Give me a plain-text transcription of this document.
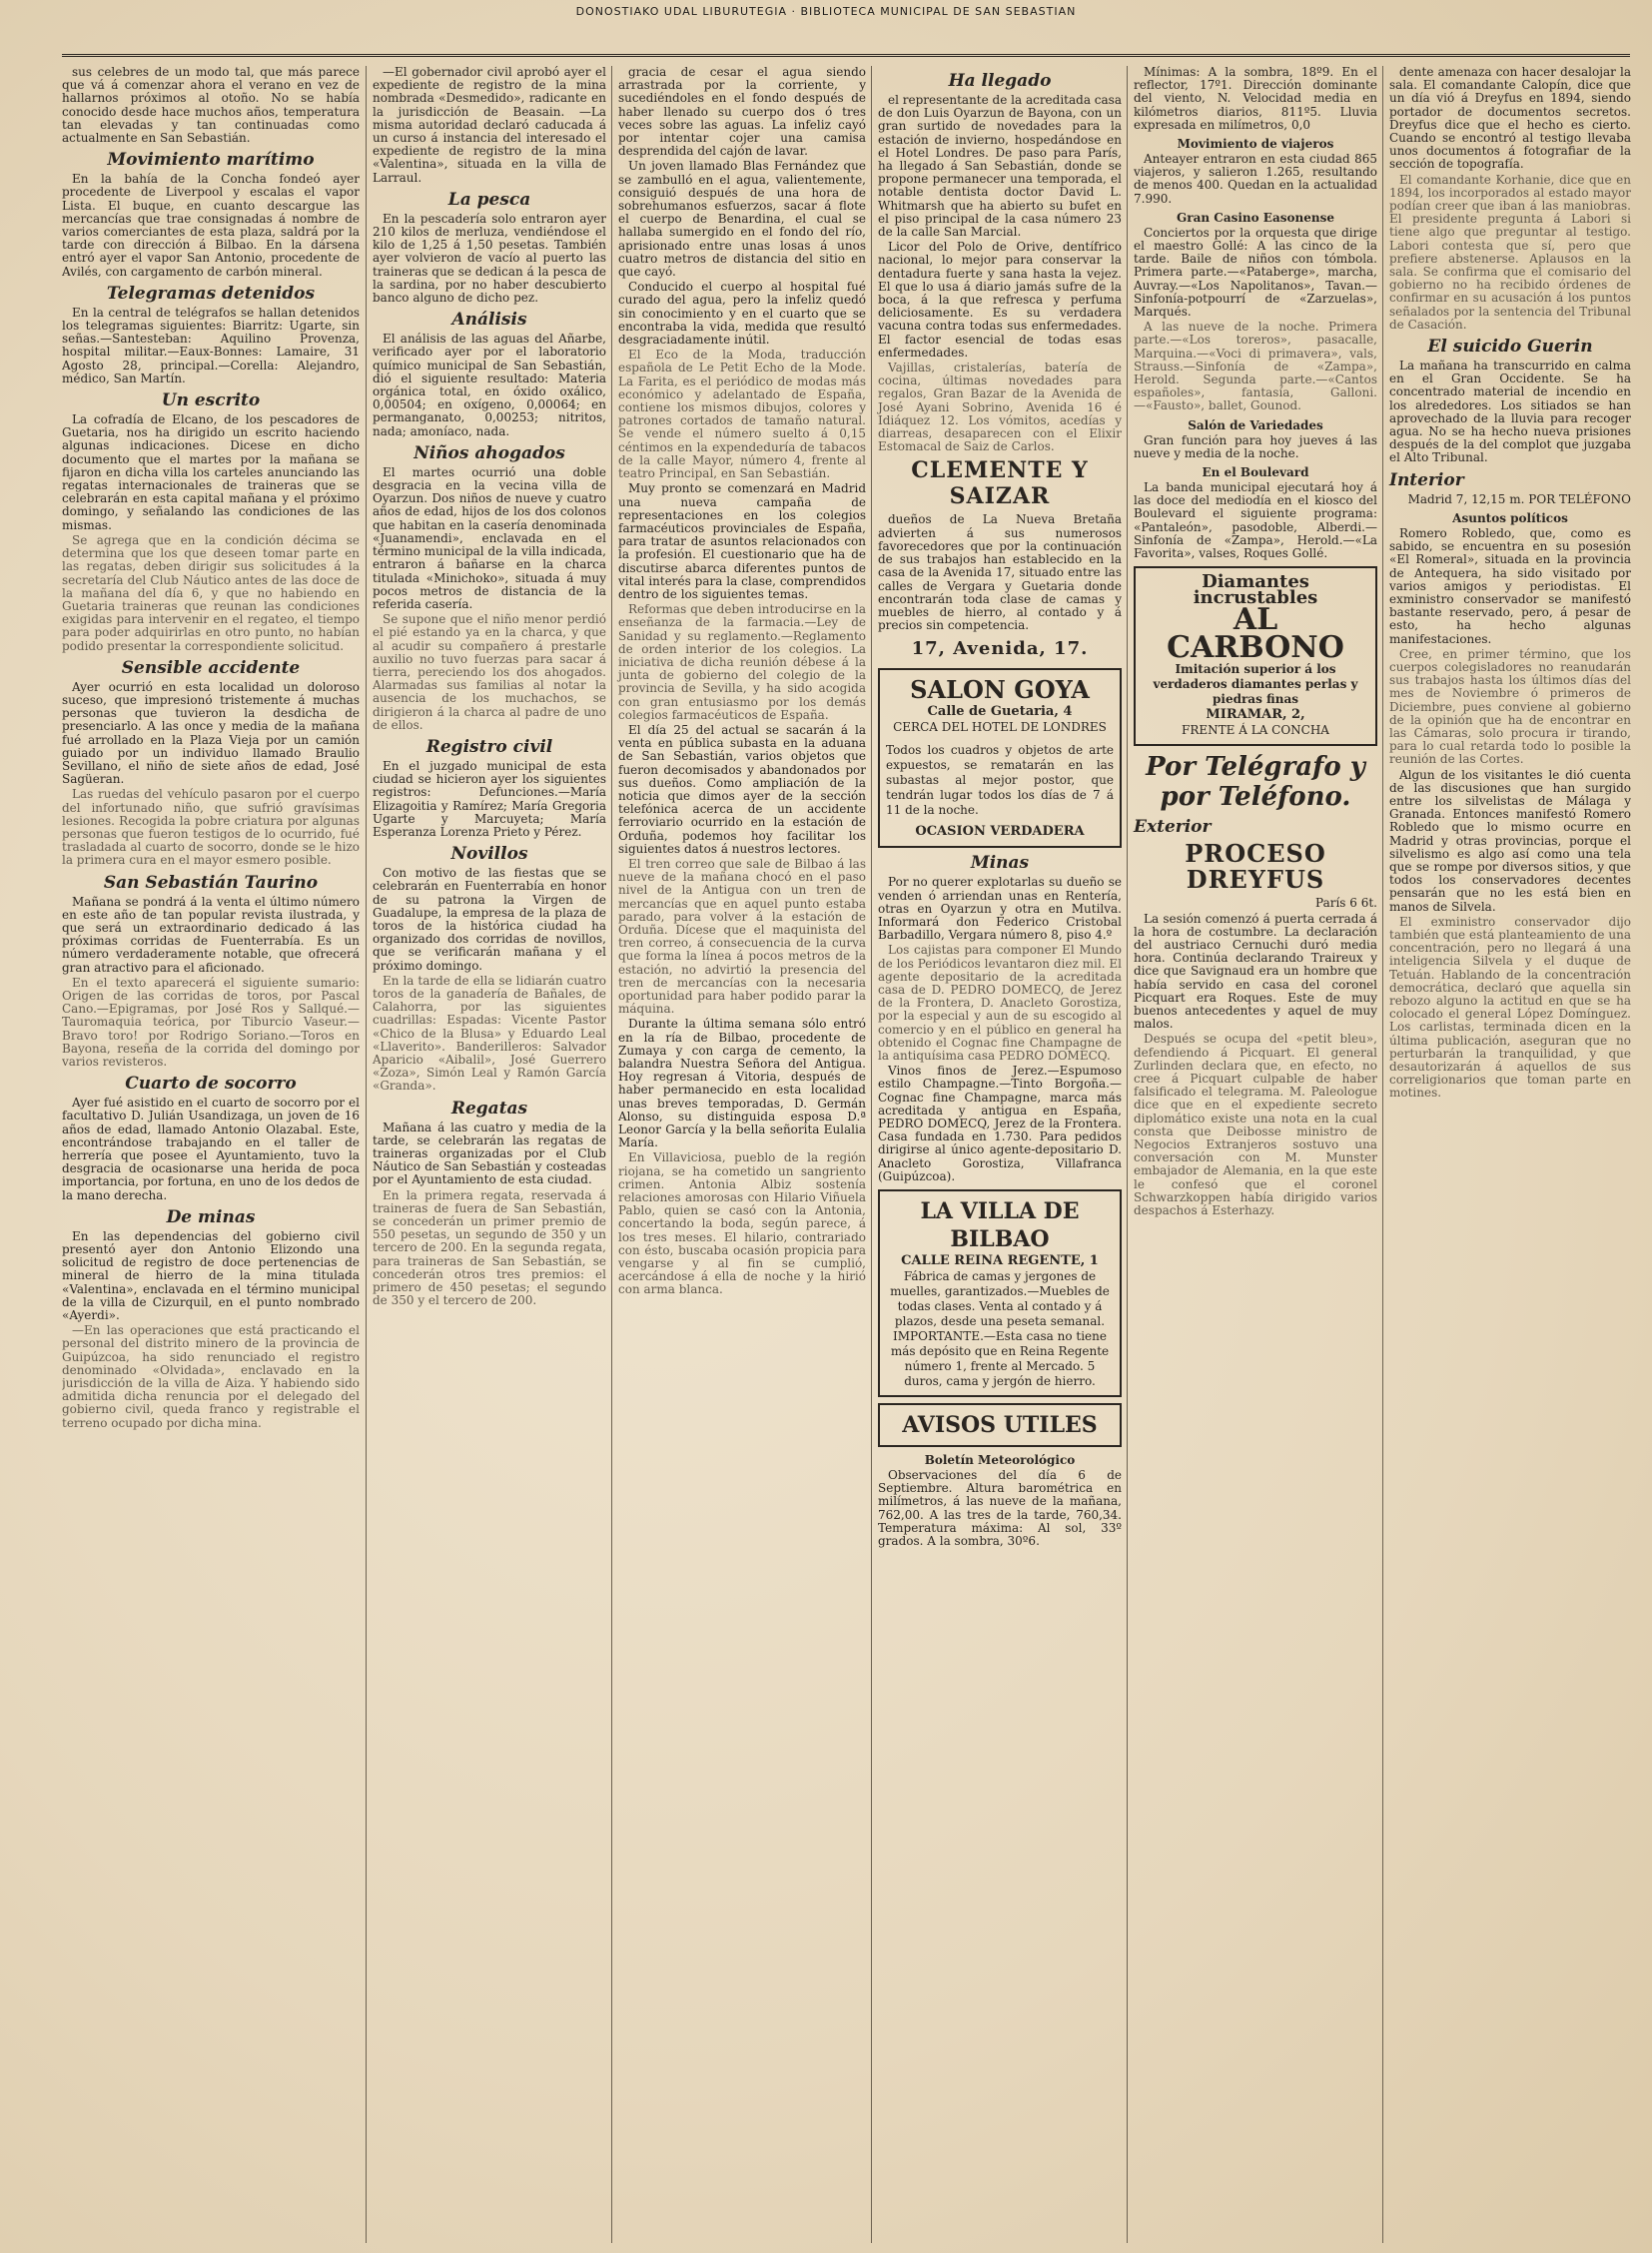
DONOSTIAKO UDAL LIBURUTEGIA · BIBLIOTECA MUNICIPAL DE SAN SEBASTIAN

sus celebres de un modo tal, que más parece que vá á comenzar ahora el verano en vez de hallarnos próximos al otoño. No se había conocido desde hace muchos años, temperatura tan elevadas y tan continuadas como actualmente en San Sebastián.

Movimiento marítimo

En la bahía de la Concha fondeó ayer procedente de Liverpool y escalas el vapor Lista. El buque, en cuanto descargue las mercancías que trae consignadas á nombre de varios comerciantes de esta plaza, saldrá por la tarde con dirección á Bilbao. En la dársena entró ayer el vapor San Antonio, procedente de Avilés, con cargamento de carbón mineral.

Telegramas detenidos

En la central de telégrafos se hallan detenidos los telegramas siguientes: Biarritz: Ugarte, sin señas.—Santesteban: Aquilino Provenza, hospital militar.—Eaux-Bonnes: Lamaire, 31 Agosto 28, principal.—Corella: Alejandro, médico, San Martín.

Un escrito

La cofradía de Elcano, de los pescadores de Guetaria, nos ha dirigido un escrito haciendo algunas indicaciones. Dicese en dicho documento que el martes por la mañana se fijaron en dicha villa los carteles anunciando las regatas internacionales de traineras que se celebrarán en esta capital mañana y el próximo domingo, y señalando las condiciones de las mismas.

Se agrega que en la condición décima se determina que los que deseen tomar parte en las regatas, deben dirigir sus solicitudes á la secretaría del Club Náutico antes de las doce de la mañana del día 6, y que no habiendo en Guetaria traineras que reunan las condiciones exigidas para intervenir en el regateo, el tiempo para poder adquirirlas en otro punto, no habían podido presentar la correspondiente solicitud.

Sensible accidente

Ayer ocurrió en esta localidad un doloroso suceso, que impresionó tristemente á muchas personas que tuvieron la desdicha de presenciarlo. A las once y media de la mañana fué arrollado en la Plaza Vieja por un camión guiado por un individuo llamado Braulio Sevillano, el niño de siete años de edad, José Sagüeran.

Las ruedas del vehículo pasaron por el cuerpo del infortunado niño, que sufrió gravísimas lesiones. Recogida la pobre criatura por algunas personas que fueron testigos de lo ocurrido, fué trasladada al cuarto de socorro, donde se le hizo la primera cura en el mayor esmero posible.

San Sebastián Taurino

Mañana se pondrá á la venta el último número en este año de tan popular revista ilustrada, y que será un extraordinario dedicado á las próximas corridas de Fuenterrabía. Es un número verdaderamente notable, que ofrecerá gran atractivo para el aficionado.

En el texto aparecerá el siguiente sumario: Origen de las corridas de toros, por Pascal Cano.—Epigramas, por José Ros y Sallqué.—Tauromaquia teórica, por Tiburcio Vaseur.—Bravo toro! por Rodrigo Soriano.—Toros en Bayona, reseña de la corrida del domingo por varios revisteros.

Cuarto de socorro

Ayer fué asistido en el cuarto de socorro por el facultativo D. Julián Usandizaga, un joven de 16 años de edad, llamado Antonio Olazabal. Este, encontrándose trabajando en el taller de herrería que posee el Ayuntamiento, tuvo la desgracia de ocasionarse una herida de poca importancia, por fortuna, en uno de los dedos de la mano derecha.

De minas

En las dependencias del gobierno civil presentó ayer don Antonio Elizondo una solicitud de registro de doce pertenencias de mineral de hierro de la mina titulada «Valentina», enclavada en el término municipal de la villa de Cizurquil, en el punto nombrado «Ayerdi».

—En las operaciones que está practicando el personal del distrito minero de la provincia de Guipúzcoa, ha sido renunciado el registro denominado «Olvidada», enclavado en la jurisdicción de la villa de Aiza. Y habiendo sido admitida dicha renuncia por el delegado del gobierno civil, queda franco y registrable el terreno ocupado por dicha mina.

—El gobernador civil aprobó ayer el expediente de registro de la mina nombrada «Desmedido», radicante en la jurisdicción de Beasain. —La misma autoridad declaró caducada á un curso á instancia del interesado el expediente de registro de la mina «Valentina», situada en la villa de Larraul.

La pesca

En la pescadería solo entraron ayer 210 kilos de merluza, vendiéndose el kilo de 1,25 á 1,50 pesetas. También ayer volvieron de vacío al puerto las traineras que se dedican á la pesca de la sardina, por no haber descubierto banco alguno de dicho pez.

Análisis

El análisis de las aguas del Añarbe, verificado ayer por el laboratorio químico municipal de San Sebastián, dió el siguiente resultado: Materia orgánica total, en óxido oxálico, 0,00504; en oxígeno, 0,00064; en permanganato, 0,00253; nitritos, nada; amoníaco, nada.

Niños ahogados

El martes ocurrió una doble desgracia en la vecina villa de Oyarzun. Dos niños de nueve y cuatro años de edad, hijos de los dos colonos que habitan en la casería denominada «Juanamendi», enclavada en el término municipal de la villa indicada, entraron á bañarse en la charca titulada «Minichoko», situada á muy pocos metros de distancia de la referida casería.

Se supone que el niño menor perdió el pié estando ya en la charca, y que al acudir su compañero á prestarle auxilio no tuvo fuerzas para sacar á tierra, pereciendo los dos ahogados. Alarmadas sus familias al notar la ausencia de los muchachos, se dirigieron á la charca al padre de uno de ellos.

Registro civil

En el juzgado municipal de esta ciudad se hicieron ayer los siguientes registros: Defunciones.—María Elizagoitia y Ramírez; María Gregoria Ugarte y Marcuyeta; María Esperanza Lorenza Prieto y Pérez.

Novillos

Con motivo de las fiestas que se celebrarán en Fuenterrabía en honor de su patrona la Virgen de Guadalupe, la empresa de la plaza de toros de la histórica ciudad ha organizado dos corridas de novillos, que se verificarán mañana y el próximo domingo.

En la tarde de ella se lidiarán cuatro toros de la ganadería de Bañales, de Calahorra, por las siguientes cuadrillas: Espadas: Vicente Pastor «Chico de la Blusa» y Eduardo Leal «Llaverito». Banderilleros: Salvador Aparicio «Aibalil», José Guerrero «Zoza», Simón Leal y Ramón García «Granda».

Regatas

Mañana á las cuatro y media de la tarde, se celebrarán las regatas de traineras organizadas por el Club Náutico de San Sebastián y costeadas por el Ayuntamiento de esta ciudad.

En la primera regata, reservada á traineras de fuera de San Sebastián, se concederán un primer premio de 550 pesetas, un segundo de 350 y un tercero de 200. En la segunda regata, para traineras de San Sebastián, se concederán otros tres premios: el primero de 450 pesetas; el segundo de 350 y el tercero de 200.

gracia de cesar el agua siendo arrastrada por la corriente, y sucediéndoles en el fondo después de haber llenado su cuerpo dos ó tres veces sobre las aguas. La infeliz cayó por intentar cojer una camisa desprendida del cajón de lavar.

Un joven llamado Blas Fernández que se zambulló en el agua, valientemente, consiguió después de una hora de sobrehumanos esfuerzos, sacar á flote el cuerpo de Benardina, el cual se hallaba sumergido en el fondo del río, aprisionado entre unas losas á unos cuatro metros de distancia del sitio en que cayó.

Conducido el cuerpo al hospital fué curado del agua, pero la infeliz quedó sin conocimiento y en el cuarto que se encontraba la vida, medida que resultó desgraciadamente inútil.

El Eco de la Moda, traducción española de Le Petit Echo de la Mode. La Farita, es el periódico de modas más económico y adelantado de España, contiene los mismos dibujos, colores y patrones cortados de tamaño natural. Se vende el número suelto á 0,15 céntimos en la expendeduría de tabacos de la calle Mayor, número 4, frente al teatro Principal, en San Sebastián.

Muy pronto se comenzará en Madrid una nueva campaña de representaciones en los colegios farmacéuticos provinciales de España, para tratar de asuntos relacionados con la profesión. El cuestionario que ha de discutirse abarca diferentes puntos de vital interés para la clase, comprendidos dentro de los siguientes temas.

Reformas que deben introducirse en la enseñanza de la farmacia.—Ley de Sanidad y su reglamento.—Reglamento de orden interior de los colegios. La iniciativa de dicha reunión débese á la junta de gobierno del colegio de la provincia de Sevilla, y ha sido acogida con gran entusiasmo por los demás colegios farmacéuticos de España.

El día 25 del actual se sacarán á la venta en pública subasta en la aduana de San Sebastián, varios objetos que fueron decomisados y abandonados por sus dueños. Como ampliación de la noticia que dimos ayer de la sección telefónica acerca de un accidente ferroviario ocurrido en la estación de Orduña, podemos hoy facilitar los siguientes datos á nuestros lectores.

El tren correo que sale de Bilbao á las nueve de la mañana chocó en el paso nivel de la Antigua con un tren de mercancías que en aquel punto estaba parado, para volver á la estación de Orduña. Dícese que el maquinista del tren correo, á consecuencia de la curva que forma la línea á pocos metros de la estación, no advirtió la presencia del tren de mercancías con la necesaria oportunidad para haber podido parar la máquina.

Durante la última semana sólo entró en la ría de Bilbao, procedente de Zumaya y con carga de cemento, la balandra Nuestra Señora del Antigua. Hoy regresan á Vitoria, después de haber permanecido en esta localidad unas breves temporadas, D. Germán Alonso, su distinguida esposa D.ª Leonor García y la bella señorita Eulalia María.

En Villaviciosa, pueblo de la región riojana, se ha cometido un sangriento crimen. Antonia Albiz sostenía relaciones amorosas con Hilario Viñuela Pablo, quien se casó con la Antonia, concertando la boda, según parece, á los tres meses. El hilario, contrariado con ésto, buscaba ocasión propicia para vengarse y al fin se cumplió, acercándose á ella de noche y la hirió con arma blanca.

Ha llegado

el representante de la acreditada casa de don Luis Oyarzun de Bayona, con un gran surtido de novedades para la estación de invierno, hospedándose en el Hotel Londres. De paso para París, ha llegado á San Sebastián, donde se propone permanecer una temporada, el notable dentista doctor David L. Whitmarsh que ha abierto su bufet en el piso principal de la casa número 23 de la calle San Marcial.

Licor del Polo de Orive, dentífrico nacional, lo mejor para conservar la dentadura fuerte y sana hasta la vejez. El que lo usa á diario jamás sufre de la boca, á la que refresca y perfuma deliciosamente. Es su verdadera vacuna contra todas sus enfermedades. El factor esencial de todas esas enfermedades.

Vajillas, cristalerías, batería de cocina, últimas novedades para regalos, Gran Bazar de la Avenida de José Ayani Sobrino, Avenida 16 é Idiáquez 12. Los vómitos, acedías y diarreas, desaparecen con el Elixir Estomacal de Saiz de Carlos.

CLEMENTE Y SAIZAR

dueños de La Nueva Bretaña advierten á sus numerosos favorecedores que por la continuación de sus trabajos han establecido en la casa de la Avenida 17, situado entre las calles de Vergara y Guetaria donde encontrarán toda clase de camas y muebles de hierro, al contado y á precios sin competencia.

17, Avenida, 17.
SALON GOYA
Calle de Guetaria, 4
CERCA DEL HOTEL DE LONDRES
Todos los cuadros y objetos de arte expuestos, se rematarán en las subastas al mejor postor, que tendrán lugar todos los días de 7 á 11 de la noche.
OCASION VERDADERA
Minas

Por no querer explotarlas su dueño se venden ó arriendan unas en Rentería, otras en Oyarzun y otra en Mutilva. Informará don Federico Cristobal Barbadillo, Vergara número 8, piso 4.º

Los cajistas para componer El Mundo de los Periódicos levantaron diez mil. El agente depositario de la acreditada casa de D. PEDRO DOMECQ, de Jerez de la Frontera, D. Anacleto Gorostiza, por la especial y aun de su escogido al comercio y en el público en general ha obtenido el Cognac fine Champagne de la antiquísima casa PEDRO DOMECQ.

Vinos finos de Jerez.—Espumoso estilo Champagne.—Tinto Borgoña.—Cognac fine Champagne, marca más acreditada y antigua en España, PEDRO DOMECQ, Jerez de la Frontera. Casa fundada en 1.730. Para pedidos dirigirse al único agente-depositario D. Anacleto Gorostiza, Villafranca (Guipúzcoa).

LA VILLA DE BILBAO
CALLE REINA REGENTE, 1
Fábrica de camas y jergones de muelles, garantizados.—Muebles de todas clases. Venta al contado y á plazos, desde una peseta semanal. IMPORTANTE.—Esta casa no tiene más depósito que en Reina Regente número 1, frente al Mercado. 5 duros, cama y jergón de hierro.
AVISOS UTILES
Boletín Meteorológico

Observaciones del día 6 de Septiembre. Altura barométrica en milímetros, á las nueve de la mañana, 762,00. A las tres de la tarde, 760,34. Temperatura máxima: Al sol, 33º grados. A la sombra, 30º6.

Mínimas: A la sombra, 18º9. En el reflector, 17º1. Dirección dominante del viento, N. Velocidad media en kilómetros diarios, 811º5. Lluvia expresada en milímetros, 0,0

Movimiento de viajeros

Anteayer entraron en esta ciudad 865 viajeros, y salieron 1.265, resultando de menos 400. Quedan en la actualidad 7.990.

Gran Casino Easonense

Conciertos por la orquesta que dirige el maestro Gollé: A las cinco de la tarde. Baile de niños con tómbola. Primera parte.—«Pataberge», marcha, Auvray.—«Los Napolitanos», Tavan.—Sinfonía-potpourrí de «Zarzuelas», Marqués.

A las nueve de la noche. Primera parte.—«Los toreros», pasacalle, Marquina.—«Voci di primavera», vals, Strauss.—Sinfonía de «Zampa», Herold. Segunda parte.—«Cantos españoles», fantasía, Galloni.—«Fausto», ballet, Gounod.

Salón de Variedades

Gran función para hoy jueves á las nueve y media de la noche.

En el Boulevard

La banda municipal ejecutará hoy á las doce del mediodía en el kiosco del Boulevard el siguiente programa: «Pantaleón», pasodoble, Alberdi.—Sinfonía de «Zampa», Herold.—«La Favorita», valses, Roques Gollé.

Diamantes incrustables
AL CARBONO
Imitación superior á los verdaderos diamantes perlas y piedras finas
MIRAMAR, 2,
FRENTE Á LA CONCHA
Por Telégrafo y por Teléfono.
Exterior
PROCESO DREYFUS
París 6 6t.

La sesión comenzó á puerta cerrada á la hora de costumbre. La declaración del austriaco Cernuchi duró media hora. Continúa declarando Traireux y dice que Savignaud era un hombre que había servido en casa del coronel Picquart era Roques. Este de muy buenos antecedentes y aquel de muy malos.

Después se ocupa del «petit bleu», defendiendo á Picquart. El general Zurlinden declara que, en efecto, no cree á Picquart culpable de haber falsificado el telegrama. M. Paleologue dice que en el expediente secreto diplomático existe una nota en la cual consta que Deibosse ministro de Negocios Extranjeros sostuvo una conversación con M. Munster embajador de Alemania, en la que este le confesó que el coronel Schwarzkoppen había dirigido varios despachos á Esterhazy.

dente amenaza con hacer desalojar la sala. El comandante Calopín, dice que un día vió á Dreyfus en 1894, siendo portador de documentos secretos. Dreyfus dice que el hecho es cierto. Cuando se encontró al testigo llevaba unos documentos á fotografiar de la sección de topografía.

El comandante Korhanie, dice que en 1894, los incorporados al estado mayor podían creer que iban á las maniobras. El presidente pregunta á Labori si tiene algo que preguntar al testigo. Labori contesta que sí, pero que prefiere abstenerse. Aplausos en la sala. Se confirma que el comisario del gobierno no ha recibido órdenes de confirmar en su acusación á los puntos señalados por la sentencia del Tribunal de Casación.

El suicido Guerin

La mañana ha transcurrido en calma en el Gran Occidente. Se ha concentrado material de incendio en los alrededores. Los sitiados se han aprovechado de la lluvia para recoger agua. No se ha hecho nueva prisiones después de la del complot que juzgaba el Alto Tribunal.

Interior
Madrid 7, 12,15 m. POR TELÉFONO
Asuntos políticos

Romero Robledo, que, como es sabido, se encuentra en su posesión «El Romeral», situada en la provincia de Antequera, ha sido visitado por varios amigos y periodistas. El exministro conservador se manifestó bastante reservado, pero, á pesar de esto, ha hecho algunas manifestaciones.

Cree, en primer término, que los cuerpos colegisladores no reanudarán sus trabajos hasta los últimos días del mes de Noviembre ó primeros de Diciembre, pues conviene al gobierno de la opinión que ha de encontrar en las Cámaras, solo procura ir tirando, para lo cual retarda todo lo posible la reunión de las Cortes.

Algun de los visitantes le dió cuenta de las discusiones que han surgido entre los silvelistas de Málaga y Granada. Entonces manifestó Romero Robledo que lo mismo ocurre en Madrid y otras provincias, porque el silvelismo es algo así como una tela que se rompe por diversos sitios, y que todos los conservadores decentes pensarán que no les está bien en manos de Silvela.

El exministro conservador dijo también que está planteamiento de una concentración, pero no llegará á una inteligencia Silvela y el duque de Tetuán. Hablando de la concentración democrática, declaró que aquella sin rebozo alguno la actitud en que se ha colocado el general López Domínguez. Los carlistas, terminada dicen en la última publicación, aseguran que no perturbarán la tranquilidad, y que desautorizarán á aquellos de sus correligionarios que toman parte en motines.
